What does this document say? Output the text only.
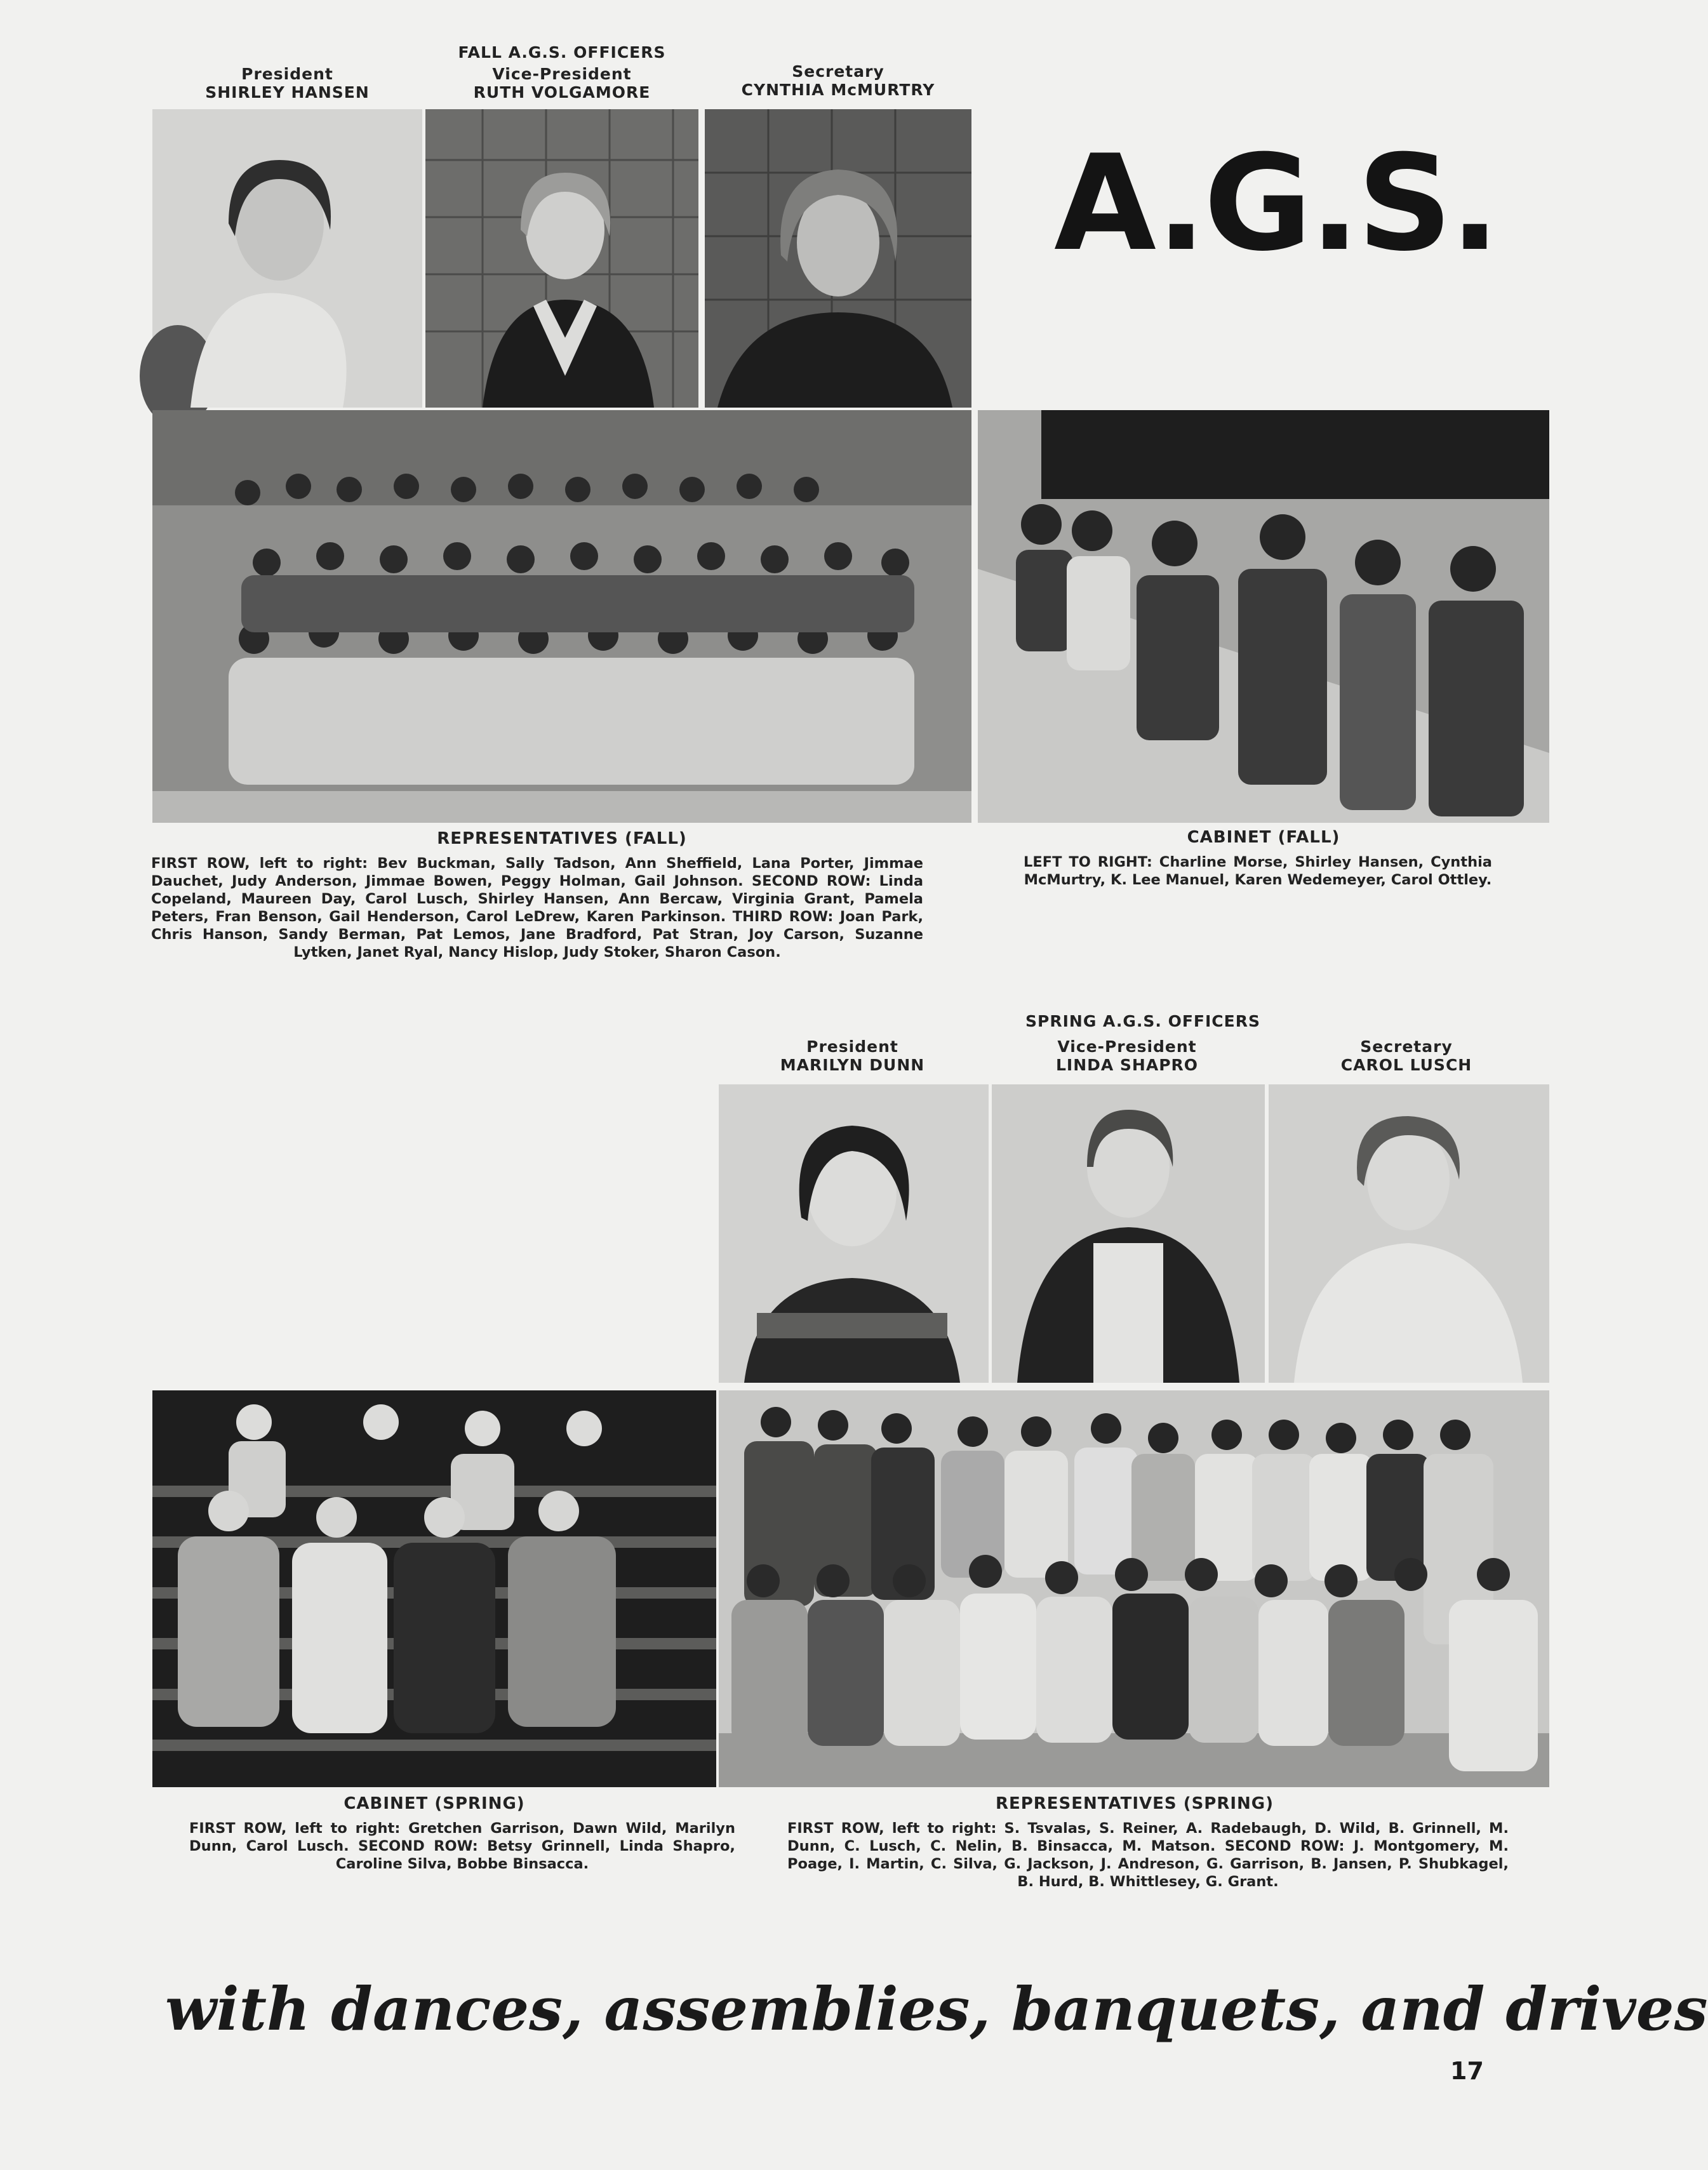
A.G.S.
FALL A.G.S. OFFICERS
President
SHIRLEY HANSEN
Vice-President
RUTH VOLGAMORE
Secretary
CYNTHIA McMURTRY
REPRESENTATIVES (FALL)
FIRST ROW, left to right: Bev Buckman, Sally Tadson, Ann Sheffield, Lana Porter, Jimmae Dauchet, Judy Anderson, Jimmae Bowen, Peggy Holman, Gail Johnson. SECOND ROW: Linda Copeland, Maureen Day, Carol Lusch, Shirley Hansen, Ann Bercaw, Virginia Grant, Pamela Peters, Fran Benson, Gail Henderson, Carol LeDrew, Karen Parkinson. THIRD ROW: Joan Park, Chris Hanson, Sandy Berman, Pat Lemos, Jane Bradford, Pat Stran, Joy Carson, Suzanne Lytken, Janet Ryal, Nancy Hislop, Judy Stoker, Sharon Cason.
CABINET (FALL)
LEFT TO RIGHT: Charline Morse, Shirley Hansen, Cynthia McMurtry, K. Lee Manuel, Karen Wedemeyer, Carol Ottley.
SPRING A.G.S. OFFICERS
President
MARILYN DUNN
Vice-President
LINDA SHAPRO
Secretary
CAROL LUSCH
CABINET (SPRING)
FIRST ROW, left to right: Gretchen Garrison, Dawn Wild, Marilyn Dunn, Carol Lusch. SECOND ROW: Betsy Grinnell, Linda Shapro, Caroline Silva, Bobbe Binsacca.
REPRESENTATIVES (SPRING)
FIRST ROW, left to right: S. Tsvalas, S. Reiner, A. Radebaugh, D. Wild, B. Grinnell, M. Dunn, C. Lusch, C. Nelin, B. Binsacca, M. Matson. SECOND ROW: J. Montgomery, M. Poage, I. Martin, C. Silva, G. Jackson, J. Andreson, G. Garrison, B. Jansen, P. Shubkagel, B. Hurd, B. Whittlesey, G. Grant.
with dances, assemblies, banquets, and drives
17
